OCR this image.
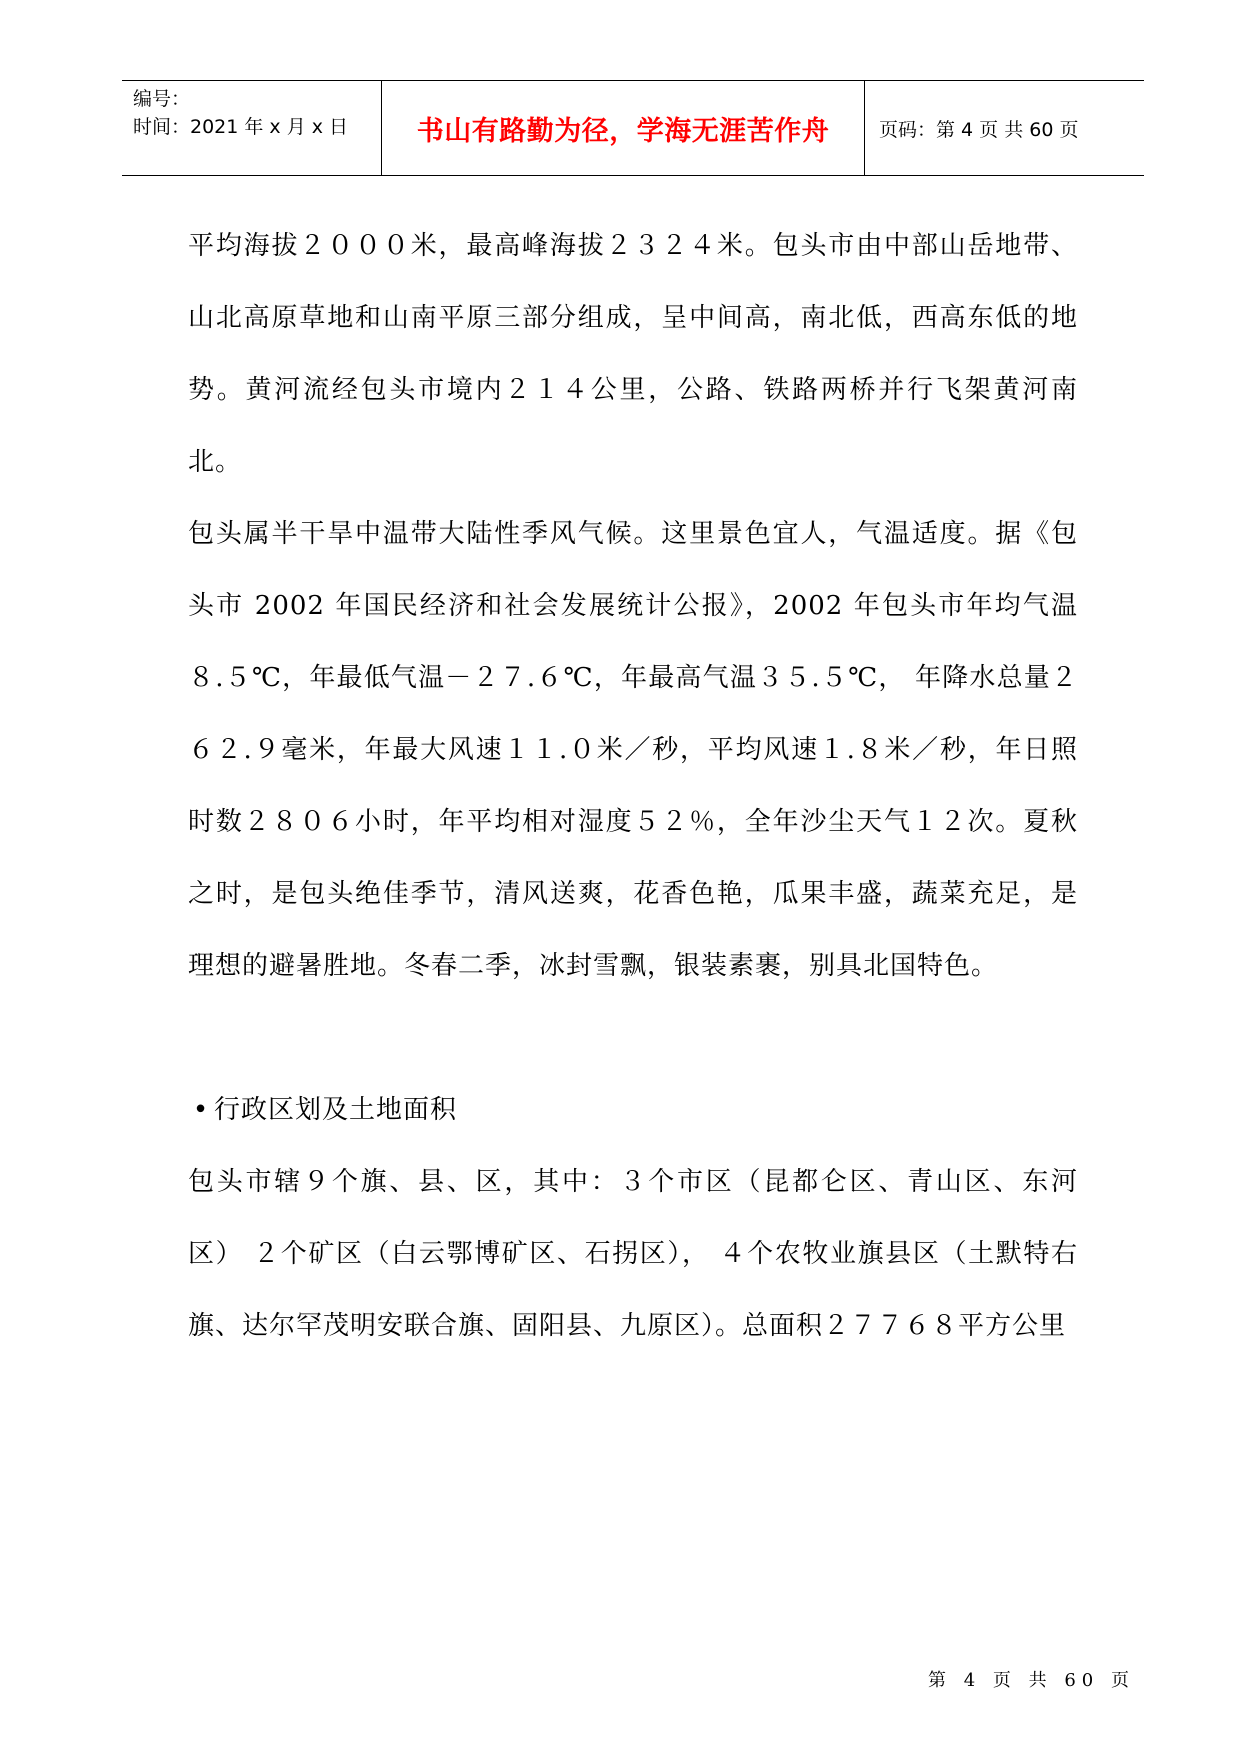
编号：
时间：2021 年 x 月 x 日	书山有路勤为径，学海无涯苦作舟	页码：第 4 页 共 60 页

平均海拔２０００米，最高峰海拔２３２４米。包头市由中部山岳地带、山北高原草地和山南平原三部分组成，呈中间高，南北低，西高东低的地势。黄河流经包头市境内２１４公里，公路、铁路两桥并行飞架黄河南北。

包头属半干旱中温带大陆性季风气候。这里景色宜人，气温适度。据《包头市 2002 年国民经济和社会发展统计公报》，2002 年包头市年均气温８.５℃，年最低气温－２７.６℃，年最高气温３５.５℃， 年降水总量２６２.９毫米，年最大风速１１.０米／秒，平均风速１.８米／秒，年日照时数２８０６小时，年平均相对湿度５２％，全年沙尘天气１２次。夏秋之时，是包头绝佳季节，清风送爽，花香色艳，瓜果丰盛，蔬菜充足，是理想的避暑胜地。冬春二季，冰封雪飘，银装素裹，别具北国特色。

• 行政区划及土地面积

包头市辖９个旗、县、区，其中：３个市区（昆都仑区、青山区、东河区） ２个矿区（白云鄂博矿区、石拐区）， ４个农牧业旗县区（土默特右旗、达尔罕茂明安联合旗、固阳县、九原区）。总面积２７７６８平方公里

第 4 页 共 60 页
